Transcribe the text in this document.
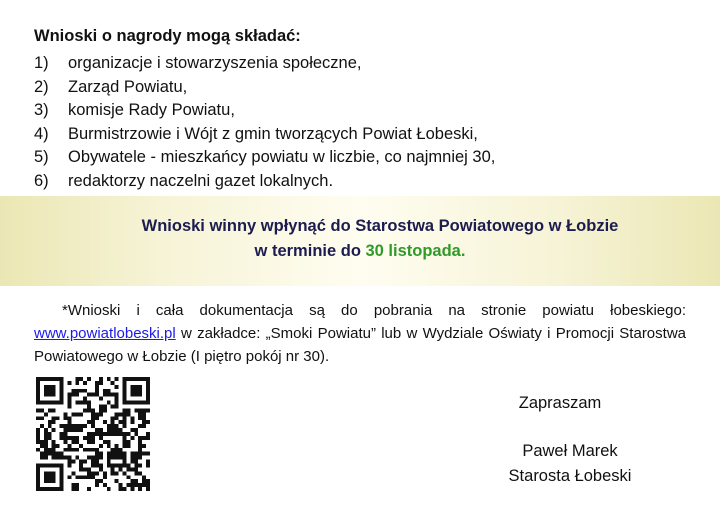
Wnioski o nagrody mogą składać:
1)	organizacje i stowarzyszenia społeczne,
2)	Zarząd Powiatu,
3)	komisje Rady Powiatu,
4)	Burmistrzowie i Wójt z gmin tworzących Powiat Łobeski,
5)	Obywatele - mieszkańcy powiatu w liczbie, co najmniej 30,
6)	redaktorzy naczelni gazet lokalnych.
Wnioski winny wpłynąć do Starostwa Powiatowego w Łobzie
w terminie do 30 listopada.
*Wnioski i cała dokumentacja są do pobrania na stronie powiatu łobeskiego: www.powiatlobeski.pl w zakładce: „Smoki Powiatu” lub w Wydziale Oświaty i Promocji Starostwa Powiatowego w Łobzie (I piętro pokój nr 30).
Zapraszam
Paweł Marek
Starosta Łobeski
